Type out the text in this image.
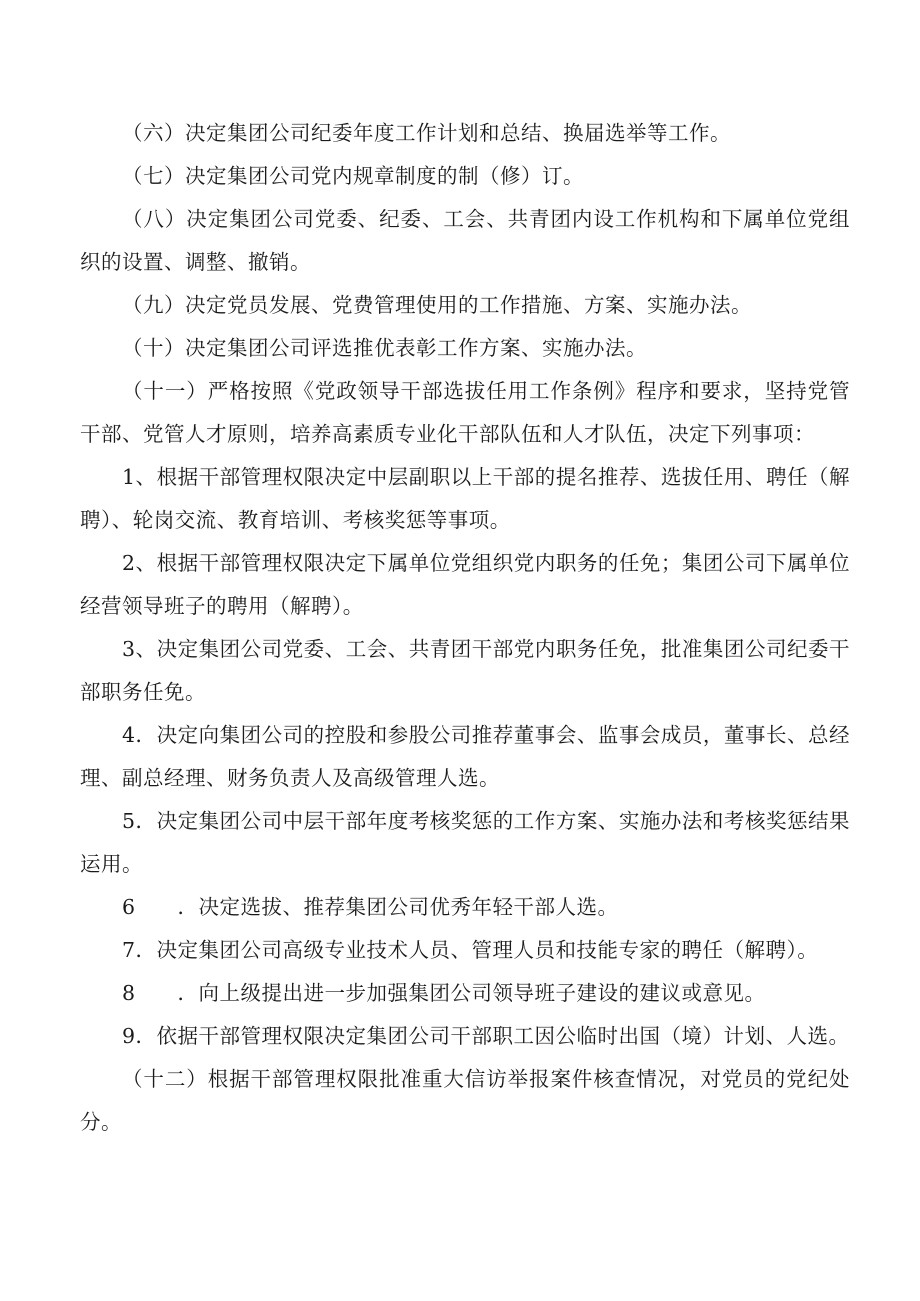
（六）决定集团公司纪委年度工作计划和总结、换届选举等工作。

（七）决定集团公司党内规章制度的制（修）订。

（八）决定集团公司党委、纪委、工会、共青团内设工作机构和下属单位党组织的设置、调整、撤销。

（九）决定党员发展、党费管理使用的工作措施、方案、实施办法。

（十）决定集团公司评选推优表彰工作方案、实施办法。

（十一）严格按照《党政领导干部选拔任用工作条例》程序和要求，坚持党管干部、党管人才原则，培养高素质专业化干部队伍和人才队伍，决定下列事项：

1、根据干部管理权限决定中层副职以上干部的提名推荐、选拔任用、聘任（解聘）、轮岗交流、教育培训、考核奖惩等事项。

2、根据干部管理权限决定下属单位党组织党内职务的任免；集团公司下属单位经营领导班子的聘用（解聘）。

3、决定集团公司党委、工会、共青团干部党内职务任免，批准集团公司纪委干部职务任免。

4．决定向集团公司的控股和参股公司推荐董事会、监事会成员，董事长、总经理、副总经理、财务负责人及高级管理人选。

5．决定集团公司中层干部年度考核奖惩的工作方案、实施办法和考核奖惩结果运用。

6　　．决定选拔、推荐集团公司优秀年轻干部人选。

7．决定集团公司高级专业技术人员、管理人员和技能专家的聘任（解聘）。

8　　．向上级提出进一步加强集团公司领导班子建设的建议或意见。

9．依据干部管理权限决定集团公司干部职工因公临时出国（境）计划、人选。

（十二）根据干部管理权限批准重大信访举报案件核查情况，对党员的党纪处分。
